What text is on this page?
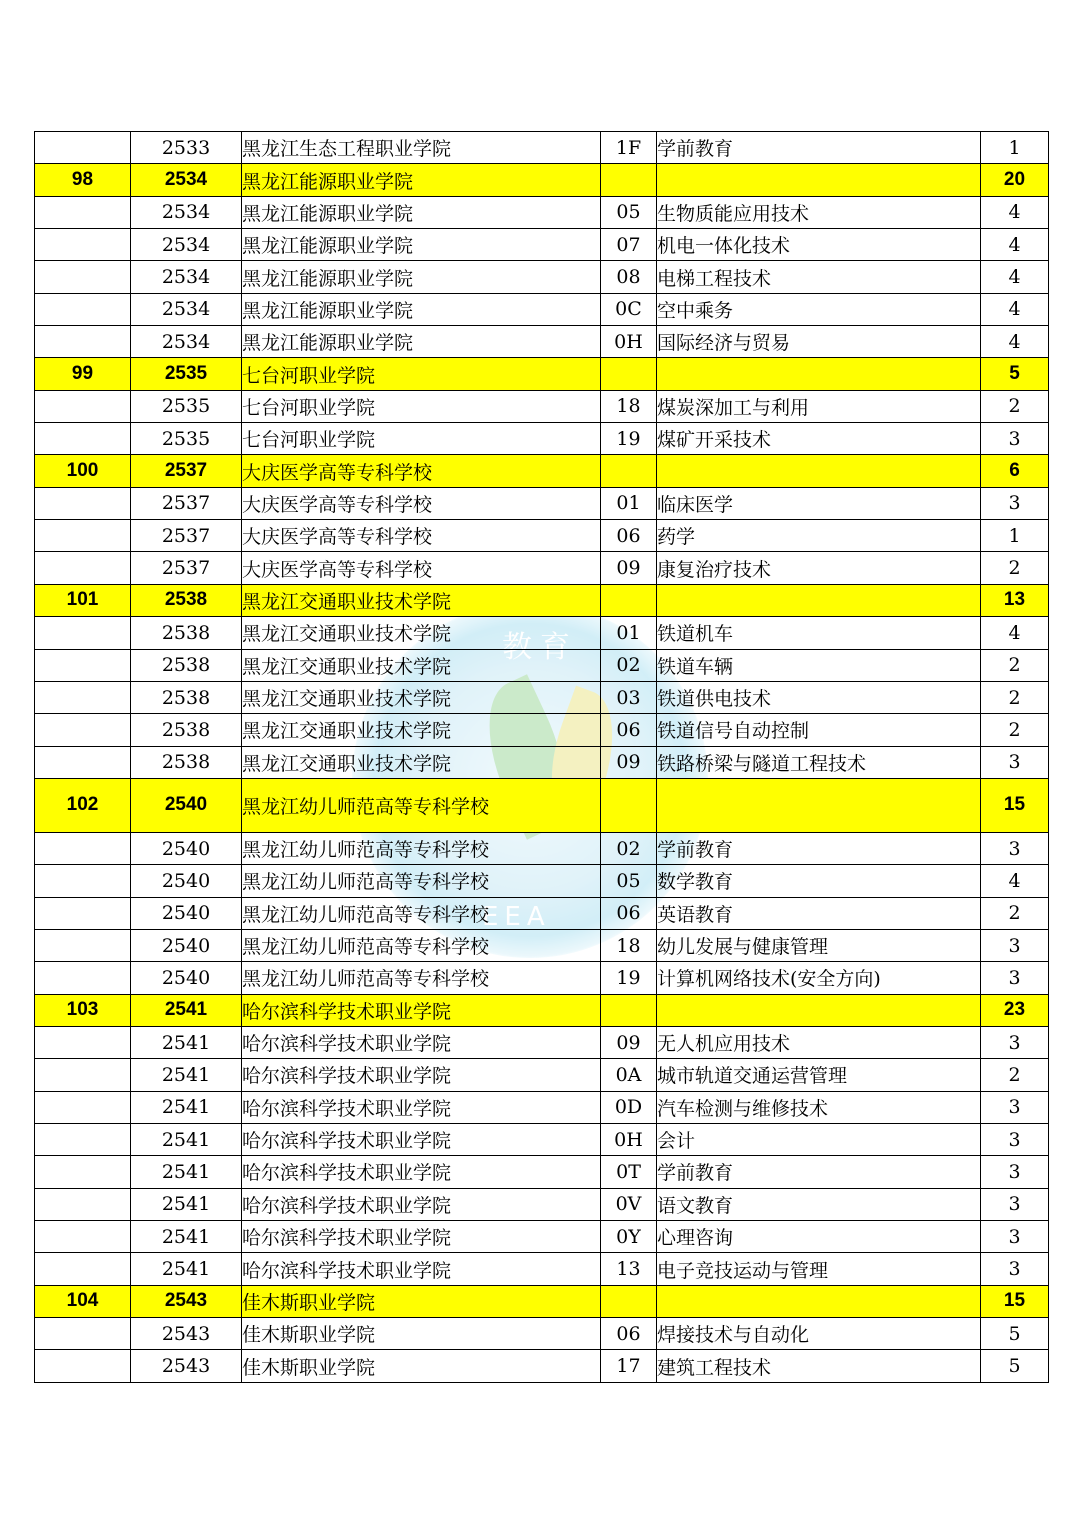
教育
EEA
	2533	黑龙江生态工程职业学院	1F	学前教育	1
98	2534	黑龙江能源职业学院			20
	2534	黑龙江能源职业学院	05	生物质能应用技术	4
	2534	黑龙江能源职业学院	07	机电一体化技术	4
	2534	黑龙江能源职业学院	08	电梯工程技术	4
	2534	黑龙江能源职业学院	0C	空中乘务	4
	2534	黑龙江能源职业学院	0H	国际经济与贸易	4
99	2535	七台河职业学院			5
	2535	七台河职业学院	18	煤炭深加工与利用	2
	2535	七台河职业学院	19	煤矿开采技术	3
100	2537	大庆医学高等专科学校			6
	2537	大庆医学高等专科学校	01	临床医学	3
	2537	大庆医学高等专科学校	06	药学	1
	2537	大庆医学高等专科学校	09	康复治疗技术	2
101	2538	黑龙江交通职业技术学院			13
	2538	黑龙江交通职业技术学院	01	铁道机车	4
	2538	黑龙江交通职业技术学院	02	铁道车辆	2
	2538	黑龙江交通职业技术学院	03	铁道供电技术	2
	2538	黑龙江交通职业技术学院	06	铁道信号自动控制	2
	2538	黑龙江交通职业技术学院	09	铁路桥梁与隧道工程技术	3
102	2540	黑龙江幼儿师范高等专科学校			15
	2540	黑龙江幼儿师范高等专科学校	02	学前教育	3
	2540	黑龙江幼儿师范高等专科学校	05	数学教育	4
	2540	黑龙江幼儿师范高等专科学校	06	英语教育	2
	2540	黑龙江幼儿师范高等专科学校	18	幼儿发展与健康管理	3
	2540	黑龙江幼儿师范高等专科学校	19	计算机网络技术(安全方向)	3
103	2541	哈尔滨科学技术职业学院			23
	2541	哈尔滨科学技术职业学院	09	无人机应用技术	3
	2541	哈尔滨科学技术职业学院	0A	城市轨道交通运营管理	2
	2541	哈尔滨科学技术职业学院	0D	汽车检测与维修技术	3
	2541	哈尔滨科学技术职业学院	0H	会计	3
	2541	哈尔滨科学技术职业学院	0T	学前教育	3
	2541	哈尔滨科学技术职业学院	0V	语文教育	3
	2541	哈尔滨科学技术职业学院	0Y	心理咨询	3
	2541	哈尔滨科学技术职业学院	13	电子竞技运动与管理	3
104	2543	佳木斯职业学院			15
	2543	佳木斯职业学院	06	焊接技术与自动化	5
	2543	佳木斯职业学院	17	建筑工程技术	5
